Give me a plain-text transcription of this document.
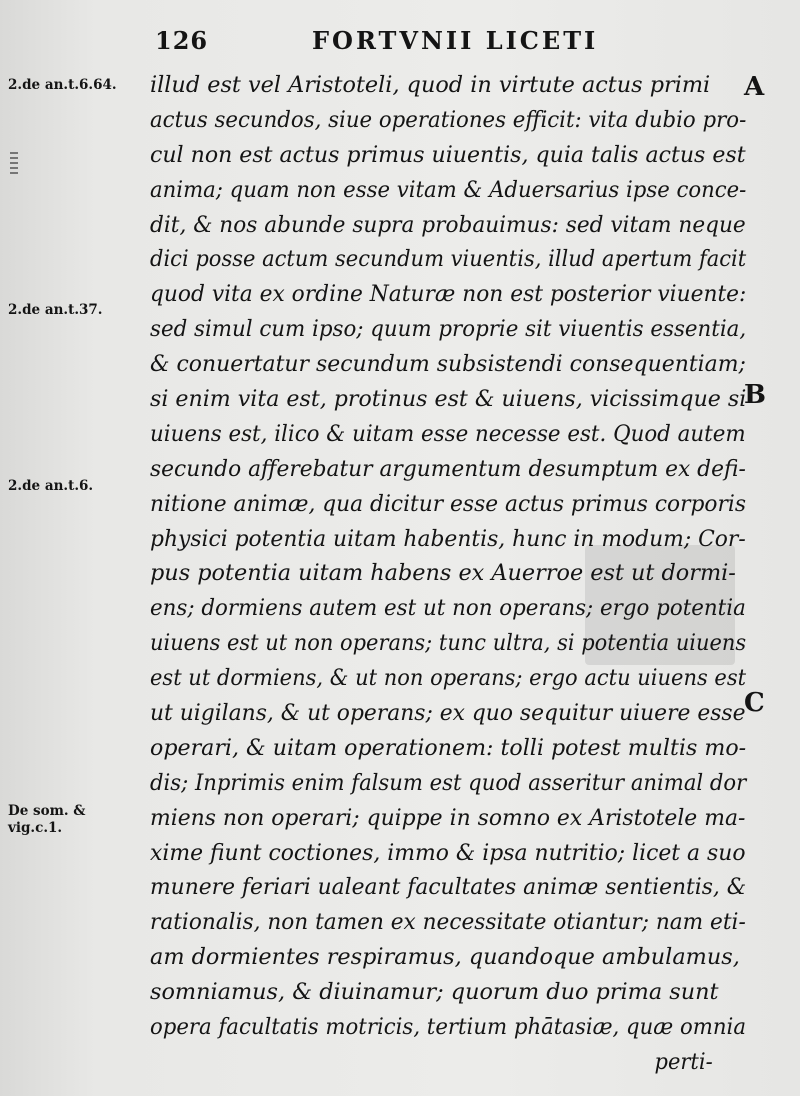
126	FORTVNII LICETI
2.de an.t.6.64.
2.de an.t.37.
2.de an.t.6.
De som. &
vig.c.1.
A
B
C
illud est vel Aristoteli, quod in virtute actus primi
actus secundos, siue operationes efficit: vita dubio pro-
cul non est actus primus uiuentis, quia talis actus est
anima; quam non esse vitam & Aduersarius ipse conce-
dit, & nos abunde supra probauimus: sed vitam neque
dici posse actum secundum viuentis, illud apertum facit
quod vita ex ordine Naturæ non est posterior viuente:
sed simul cum ipso; quum proprie sit viuentis essentia,
& conuertatur secundum subsistendi consequentiam;
si enim vita est, protinus est & uiuens, vicissimque si
uiuens est, ilico & uitam esse necesse est. Quod autem
secundo afferebatur argumentum desumptum ex defi-
nitione animæ, qua dicitur esse actus primus corporis
physici potentia uitam habentis, hunc in modum; Cor-
pus potentia uitam habens ex Auerroe est ut dormi-
ens; dormiens autem est ut non operans; ergo potentia
uiuens est ut non operans; tunc ultra, si potentia uiuens
est ut dormiens, & ut non operans; ergo actu uiuens est
ut uigilans, & ut operans; ex quo sequitur uiuere esse
operari, & uitam operationem: tolli potest multis mo-
dis; Inprimis enim falsum est quod asseritur animal dor
miens non operari; quippe in somno ex Aristotele ma-
xime fiunt coctiones, immo & ipsa nutritio; licet a suo
munere feriari ualeant facultates animæ sentientis, &
rationalis, non tamen ex necessitate otiantur; nam eti-
am dormientes respiramus, quandoque ambulamus,
somniamus, & diuinamur; quorum duo prima sunt
opera facultatis motricis, tertium phātasiæ, quæ omnia
perti-
